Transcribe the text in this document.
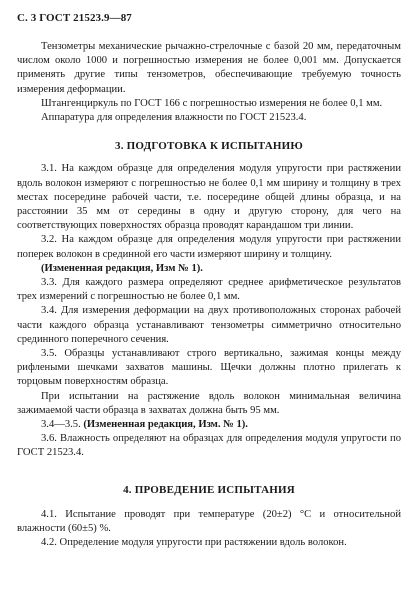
С. 3 ГОСТ 21523.9—87

Тензометры механические рычажно-стрелочные с базой 20 мм, передаточным числом около 1000 и погрешностью измерения не более 0,001 мм. Допускается применять другие типы тензометров, обеспечивающие требуемую точность измерения деформации.

Штангенциркуль по ГОСТ 166 с погрешностью измерения не более 0,1 мм.

Аппаратура для определения влажности по ГОСТ 21523.4.

3. ПОДГОТОВКА К ИСПЫТАНИЮ

3.1. На каждом образце для определения модуля упругости при растяжении вдоль волокон измеряют с погрешностью не более 0,1 мм ширину и толщину в трех местах посередине рабочей части, т.е. посередине общей длины образца, и на расстоянии 35 мм от середины в одну и другую сторону, для чего на соответствующих поверхностях образца проводят карандашом три линии.

3.2. На каждом образце для определения модуля упругости при растяжении поперек волокон в срединной его части измеряют ширину и толщину.

(Измененная редакция, Изм № 1).

3.3. Для каждого размера определяют среднее арифметическое результатов трех измерений с погрешностью не более 0,1 мм.

3.4. Для измерения деформации на двух противоположных сторонах рабочей части каждого образца устанавливают тензометры симметрично относительно срединного поперечного сечения.

3.5. Образцы устанавливают строго вертикально, зажимая концы между рифлеными шечками захватов машины. Щечки должны плотно прилегать к торцовым поверхностям образца.

При испытании на растяжение вдоль волокон минимальная величина зажимаемой части образца в захватах должна быть 95 мм.

3.4—3.5. (Измененная редакция, Изм. № 1).

3.6. Влажность определяют на образцах для определения модуля упругости по ГОСТ 21523.4.

4. ПРОВЕДЕНИЕ ИСПЫТАНИЯ

4.1. Испытание проводят при температуре (20±2) °С и относительной влажности (60±5) %.

4.2. Определение модуля упругости при растяжении вдоль волокон.
